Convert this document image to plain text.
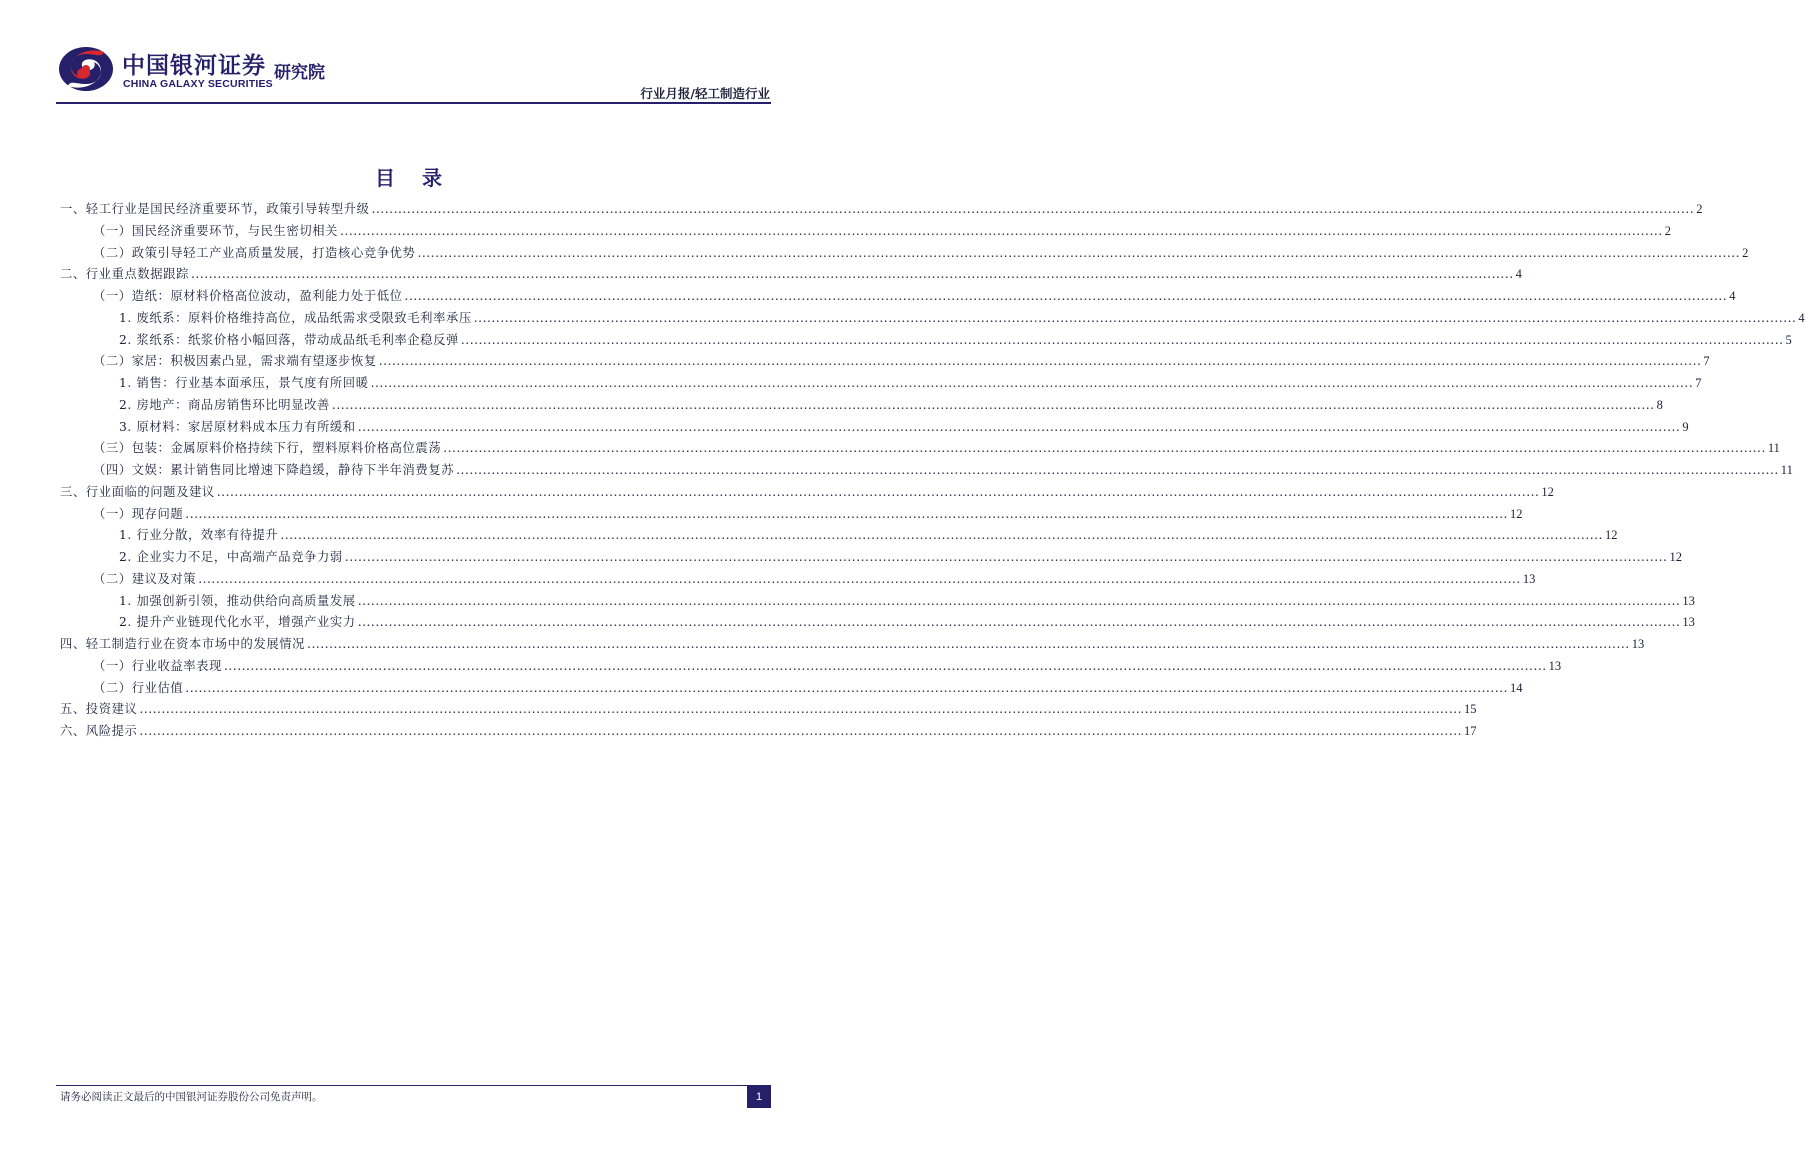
中国银河证券 研究院
CHINA GALAXY SECURITIES
行业月报/轻工制造行业
目 录
一、轻工行业是国民经济重要环节，政策引导转型升级 ............................................................................................................................................................................................................................................................................................................ 2
（一）国民经济重要环节，与民生密切相关 ............................................................................................................................................................................................................................................................................................................ 2
（二）政策引导轻工产业高质量发展，打造核心竞争优势 ............................................................................................................................................................................................................................................................................................................ 2
二、行业重点数据跟踪 ............................................................................................................................................................................................................................................................................................................ 4
（一）造纸：原材料价格高位波动，盈利能力处于低位 ............................................................................................................................................................................................................................................................................................................ 4
1. 废纸系：原料价格维持高位，成品纸需求受限致毛利率承压 ............................................................................................................................................................................................................................................................................................................ 4
2. 浆纸系：纸浆价格小幅回落，带动成品纸毛利率企稳反弹 ............................................................................................................................................................................................................................................................................................................ 5
（二）家居：积极因素凸显，需求端有望逐步恢复 ............................................................................................................................................................................................................................................................................................................ 7
1. 销售：行业基本面承压，景气度有所回暖 ............................................................................................................................................................................................................................................................................................................ 7
2. 房地产：商品房销售环比明显改善 ............................................................................................................................................................................................................................................................................................................ 8
3. 原材料：家居原材料成本压力有所缓和 ............................................................................................................................................................................................................................................................................................................ 9
（三）包装：金属原料价格持续下行，塑料原料价格高位震荡 ............................................................................................................................................................................................................................................................................................................ 11
（四）文娱：累计销售同比增速下降趋缓，静待下半年消费复苏 ............................................................................................................................................................................................................................................................................................................ 11
三、行业面临的问题及建议 ............................................................................................................................................................................................................................................................................................................ 12
（一）现存问题 ............................................................................................................................................................................................................................................................................................................ 12
1. 行业分散，效率有待提升 ............................................................................................................................................................................................................................................................................................................ 12
2. 企业实力不足，中高端产品竞争力弱 ............................................................................................................................................................................................................................................................................................................ 12
（二）建议及对策 ............................................................................................................................................................................................................................................................................................................ 13
1. 加强创新引领，推动供给向高质量发展 ............................................................................................................................................................................................................................................................................................................ 13
2. 提升产业链现代化水平，增强产业实力 ............................................................................................................................................................................................................................................................................................................ 13
四、轻工制造行业在资本市场中的发展情况 ............................................................................................................................................................................................................................................................................................................ 13
（一）行业收益率表现 ............................................................................................................................................................................................................................................................................................................ 13
（二）行业估值 ............................................................................................................................................................................................................................................................................................................ 14
五、投资建议 ............................................................................................................................................................................................................................................................................................................ 15
六、风险提示 ............................................................................................................................................................................................................................................................................................................ 17
请务必阅读正文最后的中国银河证券股份公司免责声明。	1
